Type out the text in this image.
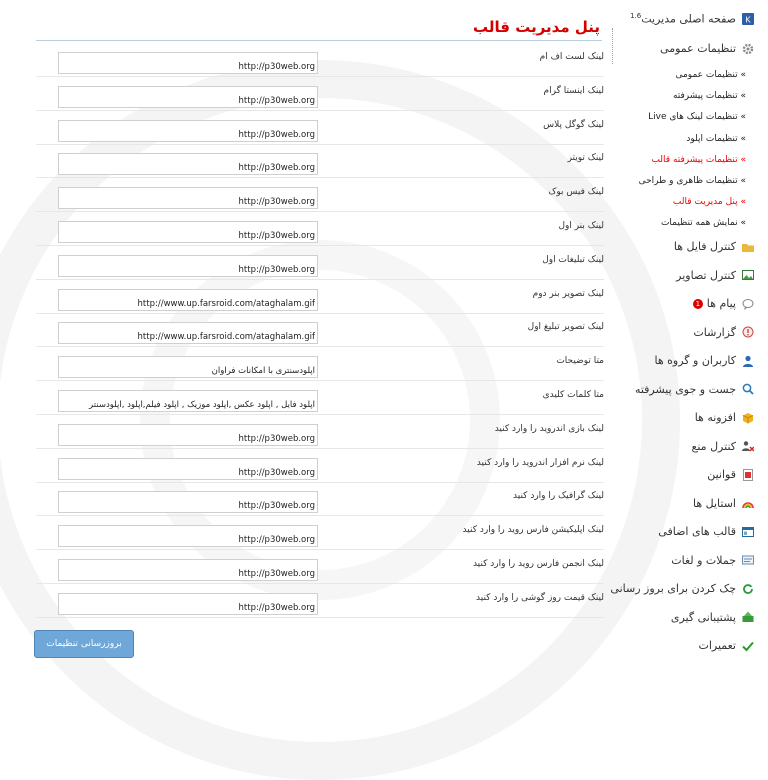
پنل مدیریت قالب
لینک لست اف ام
http://p30web.org
لینک اینستا گرام
http://p30web.org
لینک گوگل پلاس
http://p30web.org
لینک تویتر
http://p30web.org
لینک فیس بوک
http://p30web.org
لینک بنر اول
http://p30web.org
لینک تبلیغات اول
http://p30web.org
لینک تصویر بنر دوم
http://www.up.farsroid.com/ataghalam.gif
لینک تصویر تبلیغ اول
http://www.up.farsroid.com/ataghalam.gif
متا توضیحات
آپلودسنتری با امکانات فراوان
متا کلمات کلیدی
آپلود فایل , آپلود عکس ,آپلود موزیک , آپلود فیلم,آپلود ,آپلودسنتر
لینک بازی اندروید را وارد کنید
http://p30web.org
لینک نرم افزار اندروید را وارد کنید
http://p30web.org
لینک گرافیک را وارد کنید
http://p30web.org
لینک اپلیکیشن فارس روید را وارد کنید
http://p30web.org
لینک انجمن فارس روید را وارد کنید
http://p30web.org
لینک قیمت روز گوشی را وارد کنید
http://p30web.org
بروزرسانی تنظیمات
K
صفحه اصلی مدیریت$^{1.6}$
تنظیمات عمومی
» تنظیمات عمومی
» تنظیمات پیشرفته
» تنظیمات لینک های Live
» تنظیمات اپلود
» تنظیمات پیشرفته قالب
» تنظیمات ظاهری و طراحی
» پنل مدیریت قالب
» نمایش همه تنظیمات
کنترل فایل ها
کنترل تصاویر
پیام ها
1
گزارشات
کاربران و گروه ها
جست و جوی پیشرفته
افزونه ها
کنترل منع
قوانین
استایل ها
قالب های اضافی
جملات و لغات
چک کردن برای بروز رسانی
پشتیبانی گیری
تعمیرات
